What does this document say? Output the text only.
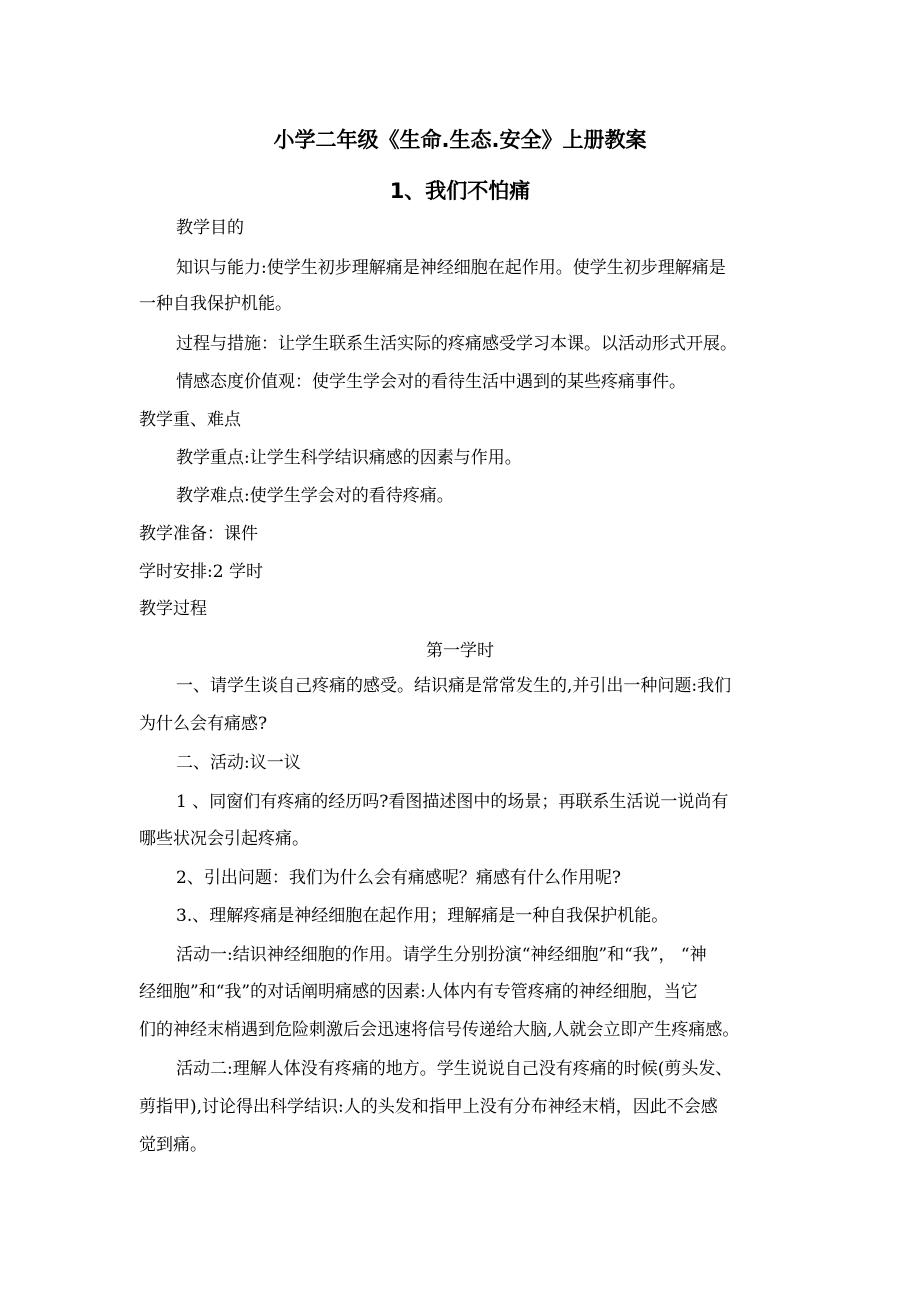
小学二年级《生命.生态.安全》上册教案
1、我们不怕痛
教学目的
知识与能力:使学生初步理解痛是神经细胞在起作用。使学生初步理解痛是
一种自我保护机能。
过程与措施：让学生联系生活实际的疼痛感受学习本课。以活动形式开展。
情感态度价值观：使学生学会对的看待生活中遇到的某些疼痛事件。
教学重、难点
教学重点:让学生科学结识痛感的因素与作用。
教学难点:使学生学会对的看待疼痛。
教学准备：课件
学时安排:2 学时
教学过程
第一学时
一、请学生谈自己疼痛的感受。结识痛是常常发生的,并引出一种问题:我们
为什么会有痛感?
二、活动:议一议
1 、同窗们有疼痛的经历吗?看图描述图中的场景；再联系生活说一说尚有
哪些状况会引起疼痛。
2、引出问题：我们为什么会有痛感呢？痛感有什么作用呢?
3.、理解疼痛是神经细胞在起作用；理解痛是一种自我保护机能。
活动一:结识神经细胞的作用。请学生分别扮演“神经细胞”和“我”， “神
经细胞”和“我”的对话阐明痛感的因素:人体内有专管疼痛的神经细胞，当它
们的神经末梢遇到危险刺激后会迅速将信号传递给大脑,人就会立即产生疼痛感。
活动二:理解人体没有疼痛的地方。学生说说自己没有疼痛的时候(剪头发、
剪指甲),讨论得出科学结识:人的头发和指甲上没有分布神经末梢，因此不会感
觉到痛。
